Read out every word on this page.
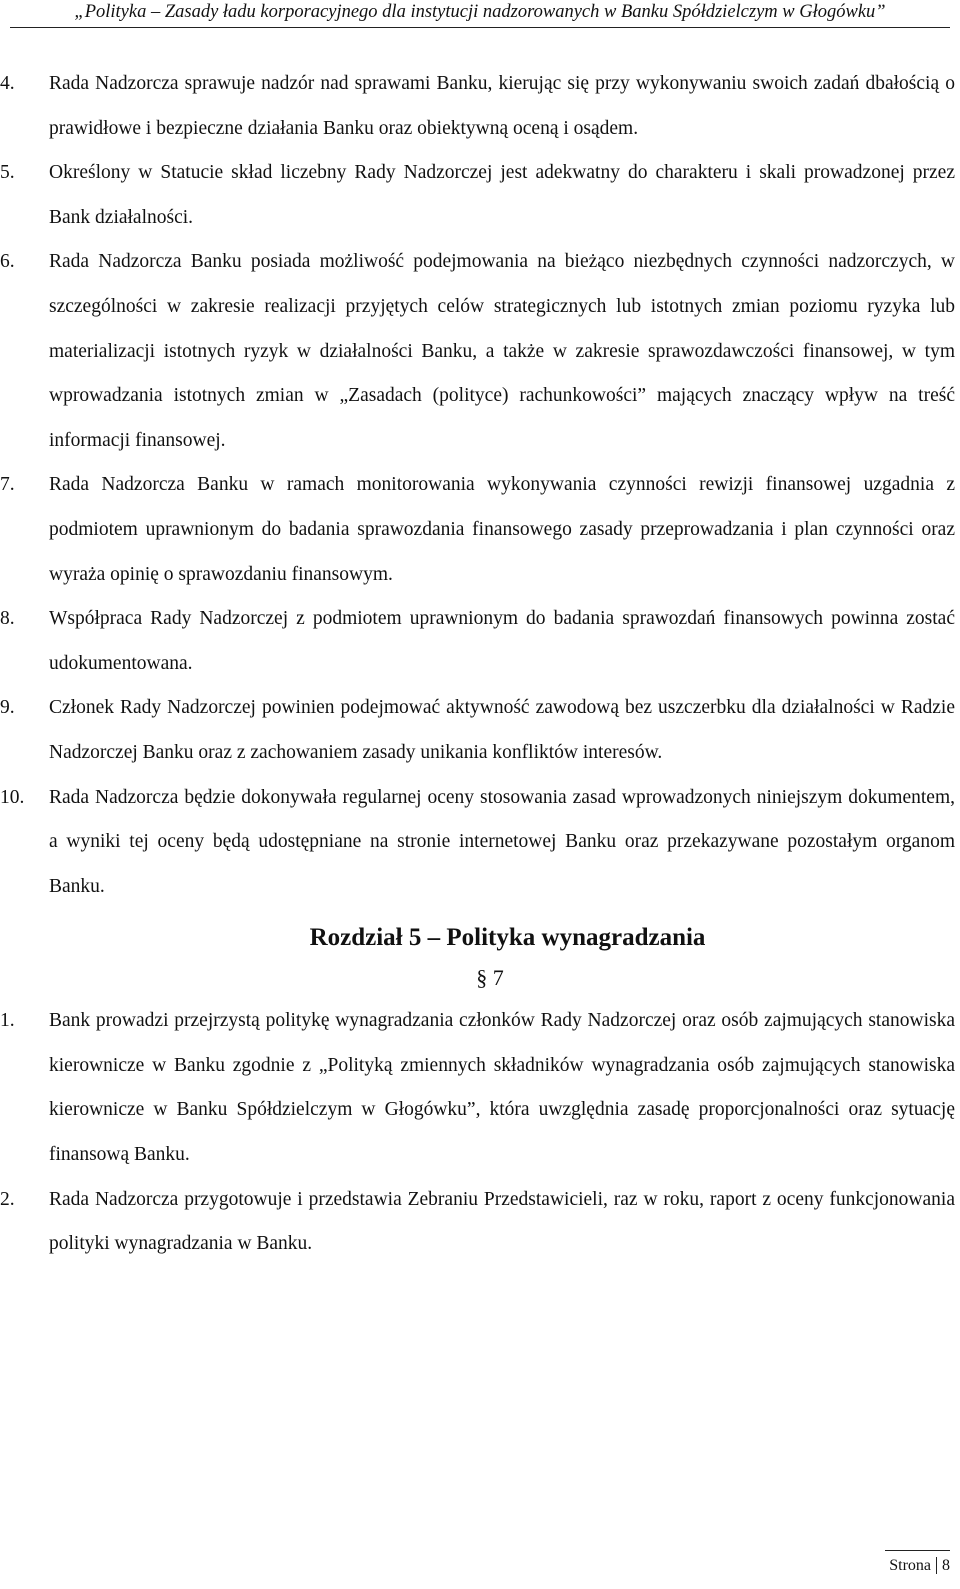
„Polityka – Zasady ładu korporacyjnego dla instytucji nadzorowanych w Banku Spółdzielczym w Głogówku”
4.	Rada Nadzorcza sprawuje nadzór nad sprawami Banku, kierując się przy wykonywaniu swoich zadań dbałością o prawidłowe i bezpieczne działania Banku oraz obiektywną oceną i osądem.
5.	Określony w Statucie skład liczebny Rady Nadzorczej jest adekwatny do charakteru i skali prowadzonej przez Bank działalności.
6.	Rada Nadzorcza Banku posiada możliwość podejmowania na bieżąco niezbędnych czynności nadzorczych, w szczególności w zakresie realizacji przyjętych celów strategicznych lub istotnych zmian poziomu ryzyka lub materializacji istotnych ryzyk w działalności Banku, a także w zakresie sprawozdawczości finansowej, w tym wprowadzania istotnych zmian w „Zasadach (polityce) rachunkowości” mających znaczący wpływ na treść informacji finansowej.
7.	Rada Nadzorcza Banku w ramach monitorowania wykonywania czynności rewizji finansowej uzgadnia z podmiotem uprawnionym do badania sprawozdania finansowego zasady przeprowadzania i plan czynności oraz wyraża opinię o sprawozdaniu finansowym.
8.	Współpraca Rady Nadzorczej z podmiotem uprawnionym do badania sprawozdań finansowych powinna zostać udokumentowana.
9.	Członek Rady Nadzorczej powinien podejmować aktywność zawodową bez uszczerbku dla działalności w Radzie Nadzorczej Banku oraz z zachowaniem zasady unikania konfliktów interesów.
10.	Rada Nadzorcza będzie dokonywała regularnej oceny stosowania zasad wprowadzonych niniejszym dokumentem, a wyniki tej oceny będą udostępniane na stronie internetowej Banku oraz przekazywane pozostałym organom Banku.
Rozdział 5 – Polityka wynagradzania
§ 7
1.	Bank prowadzi przejrzystą politykę wynagradzania członków Rady Nadzorczej oraz osób zajmujących stanowiska kierownicze w Banku zgodnie z „Polityką zmiennych składników wynagradzania osób zajmujących stanowiska kierownicze w Banku Spółdzielczym w Głogówku”, która uwzględnia zasadę proporcjonalności oraz sytuację finansową Banku.
2.	Rada Nadzorcza przygotowuje i przedstawia Zebraniu Przedstawicieli, raz w roku, raport z oceny funkcjonowania polityki wynagradzania w Banku.
Strona 8
